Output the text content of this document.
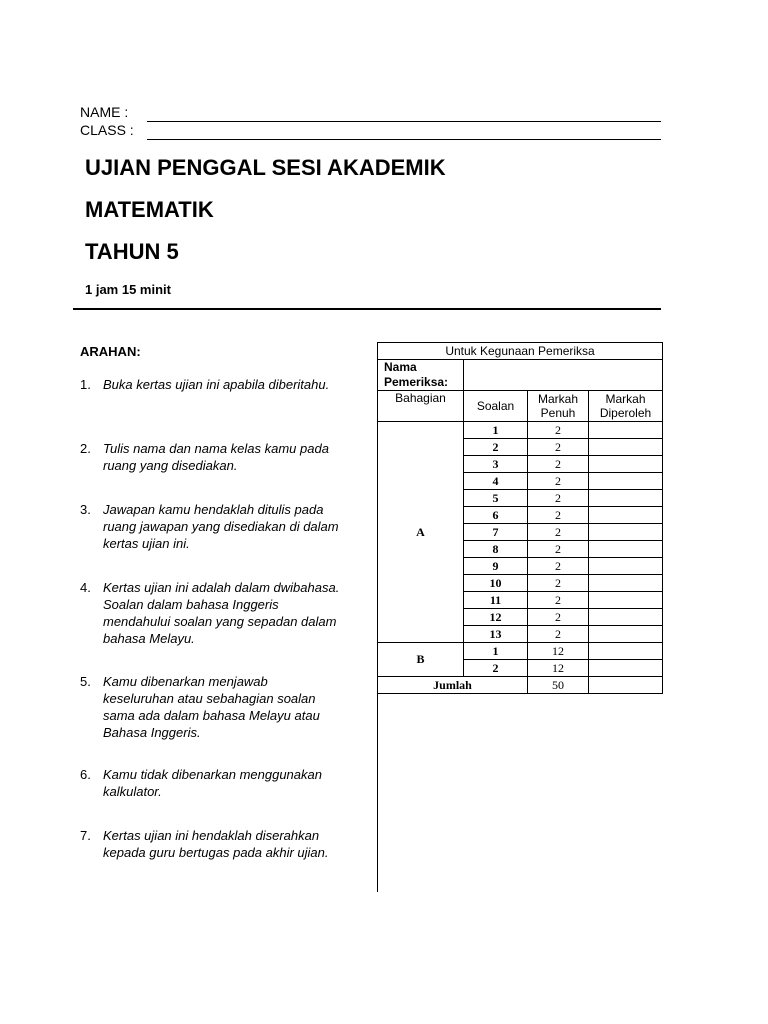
NAME :
CLASS :
UJIAN PENGGAL SESI AKADEMIK
MATEMATIK
TAHUN 5
1 jam 15 minit
ARAHAN:
1. Buka kertas ujian ini apabila diberitahu.
2. Tulis nama dan nama kelas kamu pada ruang yang disediakan.
3. Jawapan kamu hendaklah ditulis pada ruang jawapan yang disediakan di dalam kertas ujian ini.
4. Kertas ujian ini adalah dalam dwibahasa. Soalan dalam bahasa Inggeris mendahului soalan yang sepadan dalam bahasa Melayu.
5. Kamu dibenarkan menjawab keseluruhan atau sebahagian soalan sama ada dalam bahasa Melayu atau Bahasa Inggeris.
6. Kamu tidak dibenarkan menggunakan kalkulator.
7. Kertas ujian ini hendaklah diserahkan kepada guru bertugas pada akhir ujian.
Untuk Kegunaan Pemeriksa			
Nama Pemeriksa:			
Bahagian	Soalan	Markah Penuh	Markah Diperoleh
A	1	2	
	2	2	
	3	2	
	4	2	
	5	2	
	6	2	
	7	2	
	8	2	
	9	2	
	10	2	
	11	2	
	12	2	
	13	2	
B	1	12	
	2	12	
Jumlah		50	
